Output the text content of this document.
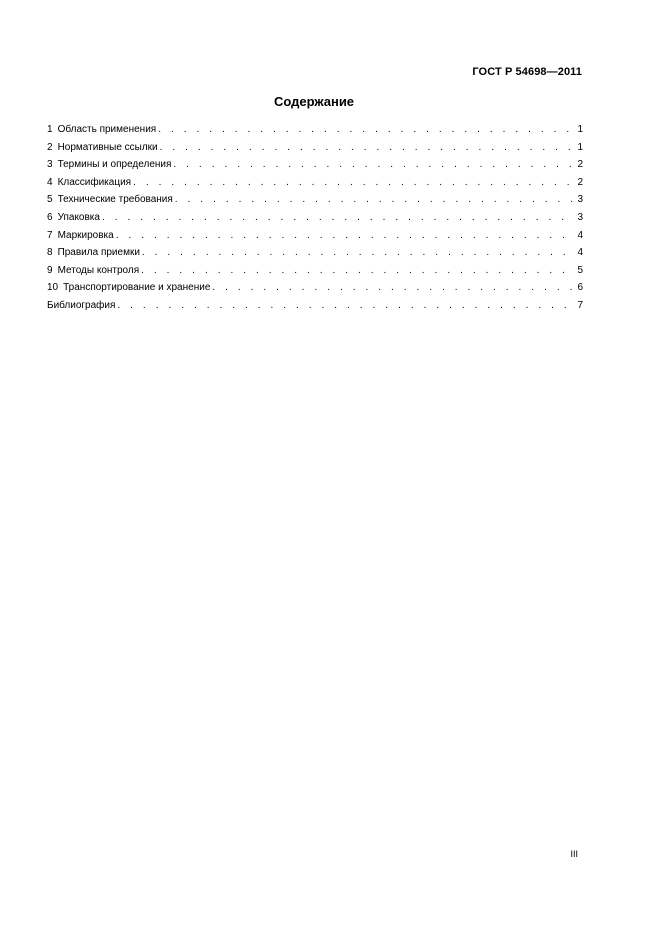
ГОСТ Р 54698—2011
Содержание
1 Область применения . . .	1
2 Нормативные ссылки . . .	1
3 Термины и определения . . .	2
4 Классификация . . .	2
5 Технические требования . . .	3
6 Упаковка . . .	3
7 Маркировка . . .	4
8 Правила приемки . . .	4
9 Методы контроля . . .	5
10 Транспортирование и хранение . . .	6
Библиография . . .	7
III
